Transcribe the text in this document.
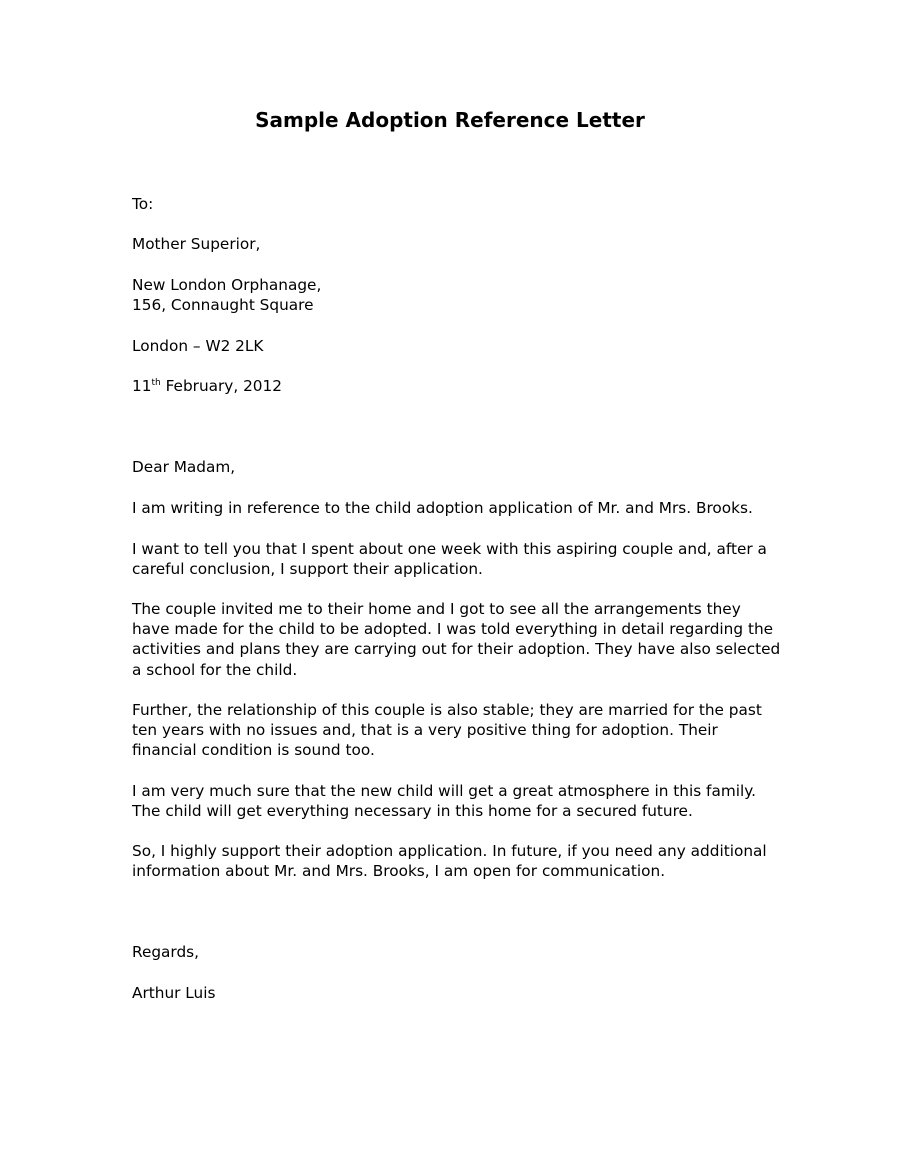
Sample Adoption Reference Letter

To:

Mother Superior,

New London Orphanage,
156, Connaught Square

London – W2 2LK

11th February, 2012

Dear Madam,

I am writing in reference to the child adoption application of Mr. and Mrs. Brooks.

I want to tell you that I spent about one week with this aspiring couple and, after a
careful conclusion, I support their application.

The couple invited me to their home and I got to see all the arrangements they
have made for the child to be adopted. I was told everything in detail regarding the
activities and plans they are carrying out for their adoption. They have also selected
a school for the child.

Further, the relationship of this couple is also stable; they are married for the past
ten years with no issues and, that is a very positive thing for adoption. Their
financial condition is sound too.

I am very much sure that the new child will get a great atmosphere in this family.
The child will get everything necessary in this home for a secured future.

So, I highly support their adoption application. In future, if you need any additional
information about Mr. and Mrs. Brooks, I am open for communication.

Regards,

Arthur Luis
